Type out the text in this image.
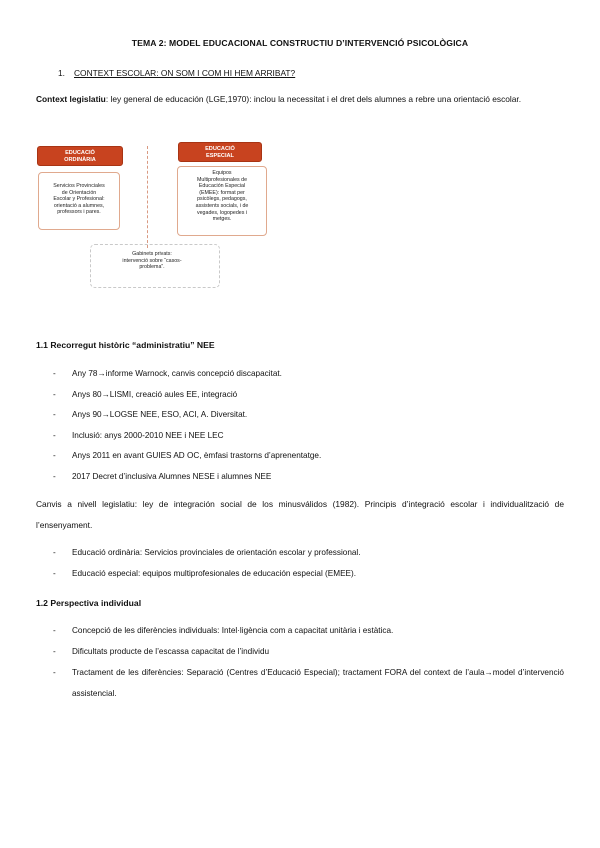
TEMA 2: MODEL EDUCACIONAL CONSTRUCTIU D’INTERVENCIÓ PSICOLÒGICA
1. CONTEXT ESCOLAR: ON SOM I COM HI HEM ARRIBAT?
Context legislatiu: ley general de educación (LGE,1970): inclou la necessitat i el dret dels alumnes a rebre una orientació escolar.
EDUCACIÓ
ORDINÀRIA
Servicios Provinciales
de Orientación
Escolar y Profesional:
orientació a alumnes,
professors i pares.
EDUCACIÓ
ESPECIAL
Equipos
Multiprofesionales de
Educación Especial
(EMEE): format per
psicòlegs, pedagogs,
assistents socials, i de
vegades, logopedes i
metges.
Gabinets privats:
intervenció sobre “casos-
problema”.
1.1 Recorregut històric “administratiu” NEE
- Any 78→informe Warnock, canvis concepció discapacitat.
- Anys 80→LISMI, creació aules EE, integració
- Anys 90→LOGSE NEE, ESO, ACI, A. Diversitat.
- Inclusió: anys 2000-2010 NEE i NEE LEC
- Anys 2011 en avant GUIES AD OC, èmfasi trastorns d’aprenentatge.
- 2017 Decret d’inclusiva Alumnes NESE i alumnes NEE
Canvis a nivell legislatiu: ley de integración social de los minusválidos (1982). Principis d’integració escolar i individualització de l’ensenyament.
- Educació ordinària: Servicios provinciales de orientación escolar y professional.
- Educació especial: equipos multiprofesionales de educación especial (EMEE).
1.2 Perspectiva individual
- Concepció de les diferències individuals: Intel·ligència com a capacitat unitària i estàtica.
- Dificultats producte de l’escassa capacitat de l’individu
- Tractament de les diferències: Separació (Centres d’Educació Especial); tractament FORA del context de l’aula→model d’intervenció assistencial.
